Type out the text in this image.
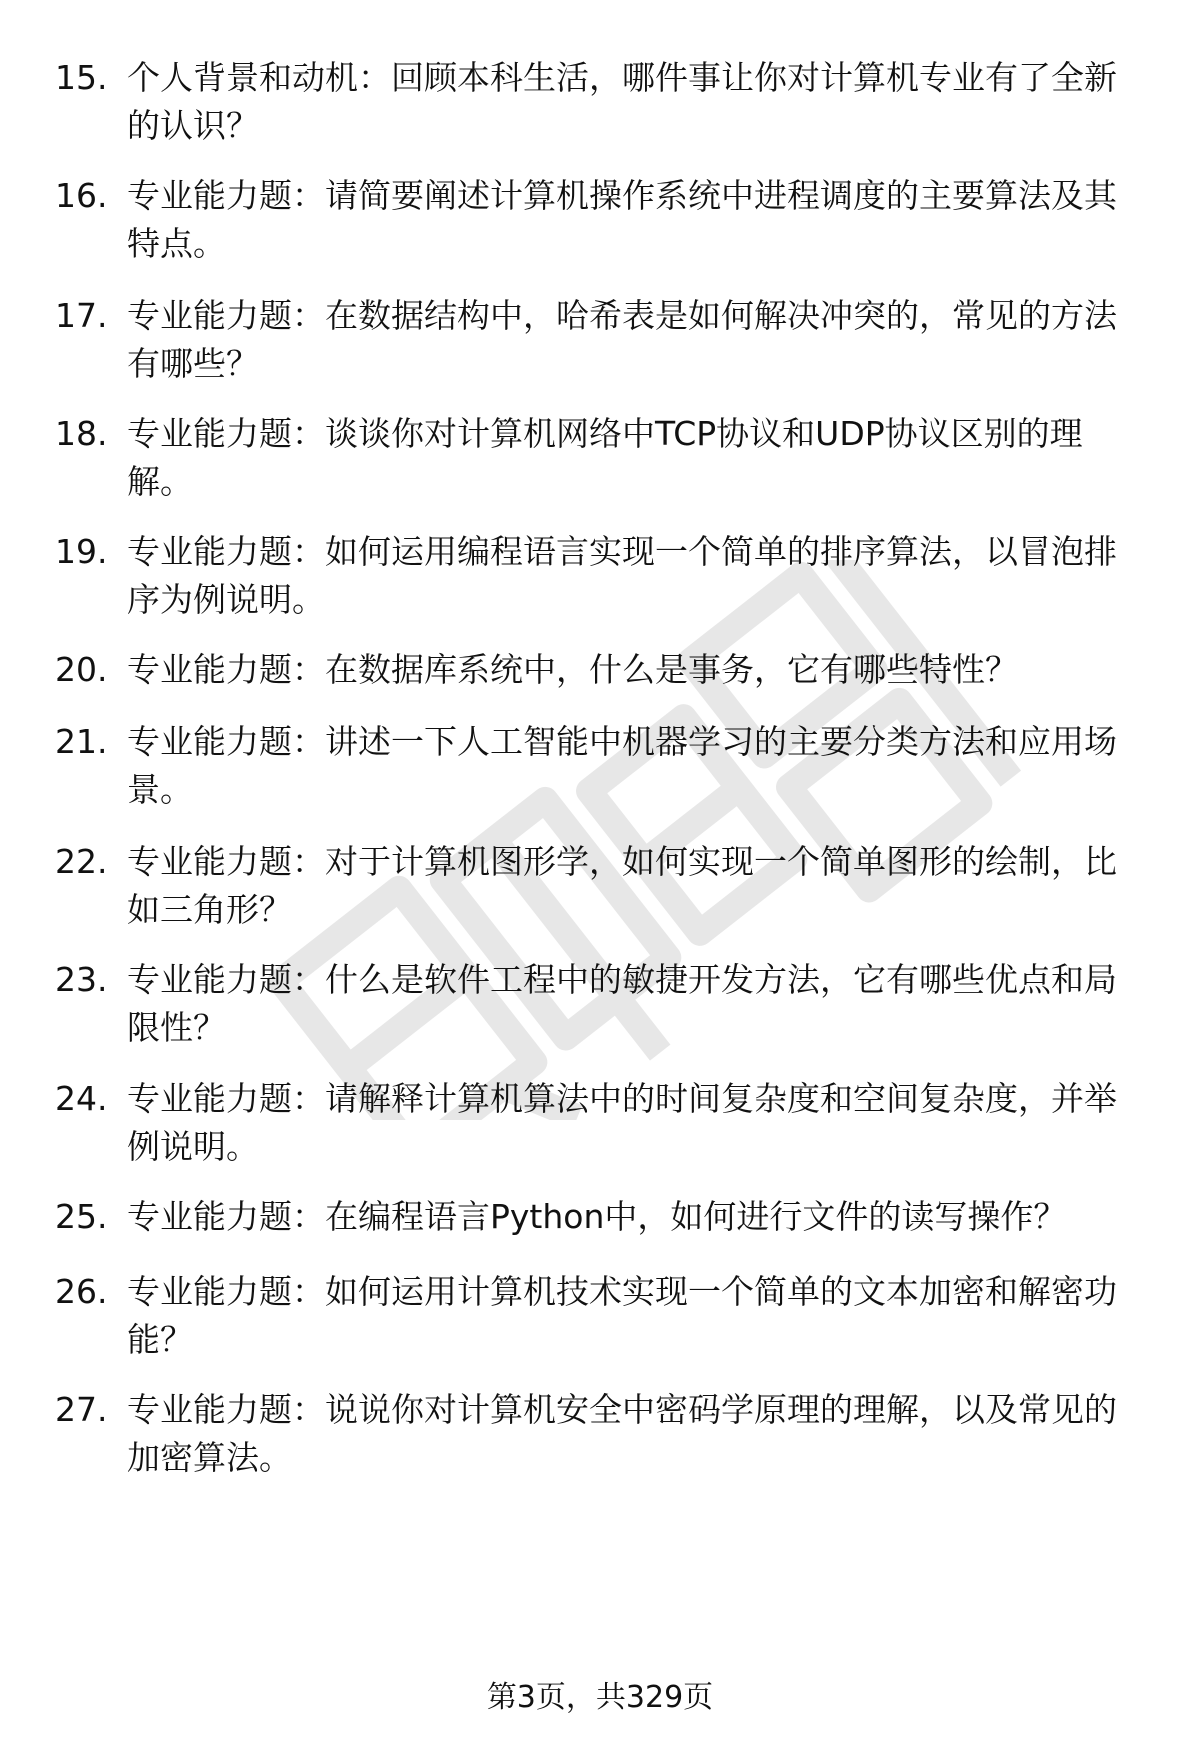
15. 个人背景和动机：回顾本科生活，哪件事让你对计算机专业有了全新的认识？
16. 专业能力题：请简要阐述计算机操作系统中进程调度的主要算法及其特点。
17. 专业能力题：在数据结构中，哈希表是如何解决冲突的，常见的方法有哪些？
18. 专业能力题：谈谈你对计算机网络中TCP协议和UDP协议区别的理解。
19. 专业能力题：如何运用编程语言实现一个简单的排序算法，以冒泡排序为例说明。
20. 专业能力题：在数据库系统中，什么是事务，它有哪些特性？
21. 专业能力题：讲述一下人工智能中机器学习的主要分类方法和应用场景。
22. 专业能力题：对于计算机图形学，如何实现一个简单图形的绘制，比如三角形？
23. 专业能力题：什么是软件工程中的敏捷开发方法，它有哪些优点和局限性？
24. 专业能力题：请解释计算机算法中的时间复杂度和空间复杂度，并举例说明。
25. 专业能力题：在编程语言Python中，如何进行文件的读写操作？
26. 专业能力题：如何运用计算机技术实现一个简单的文本加密和解密功能？
27. 专业能力题：说说你对计算机安全中密码学原理的理解，以及常见的加密算法。
第3页，共329页
